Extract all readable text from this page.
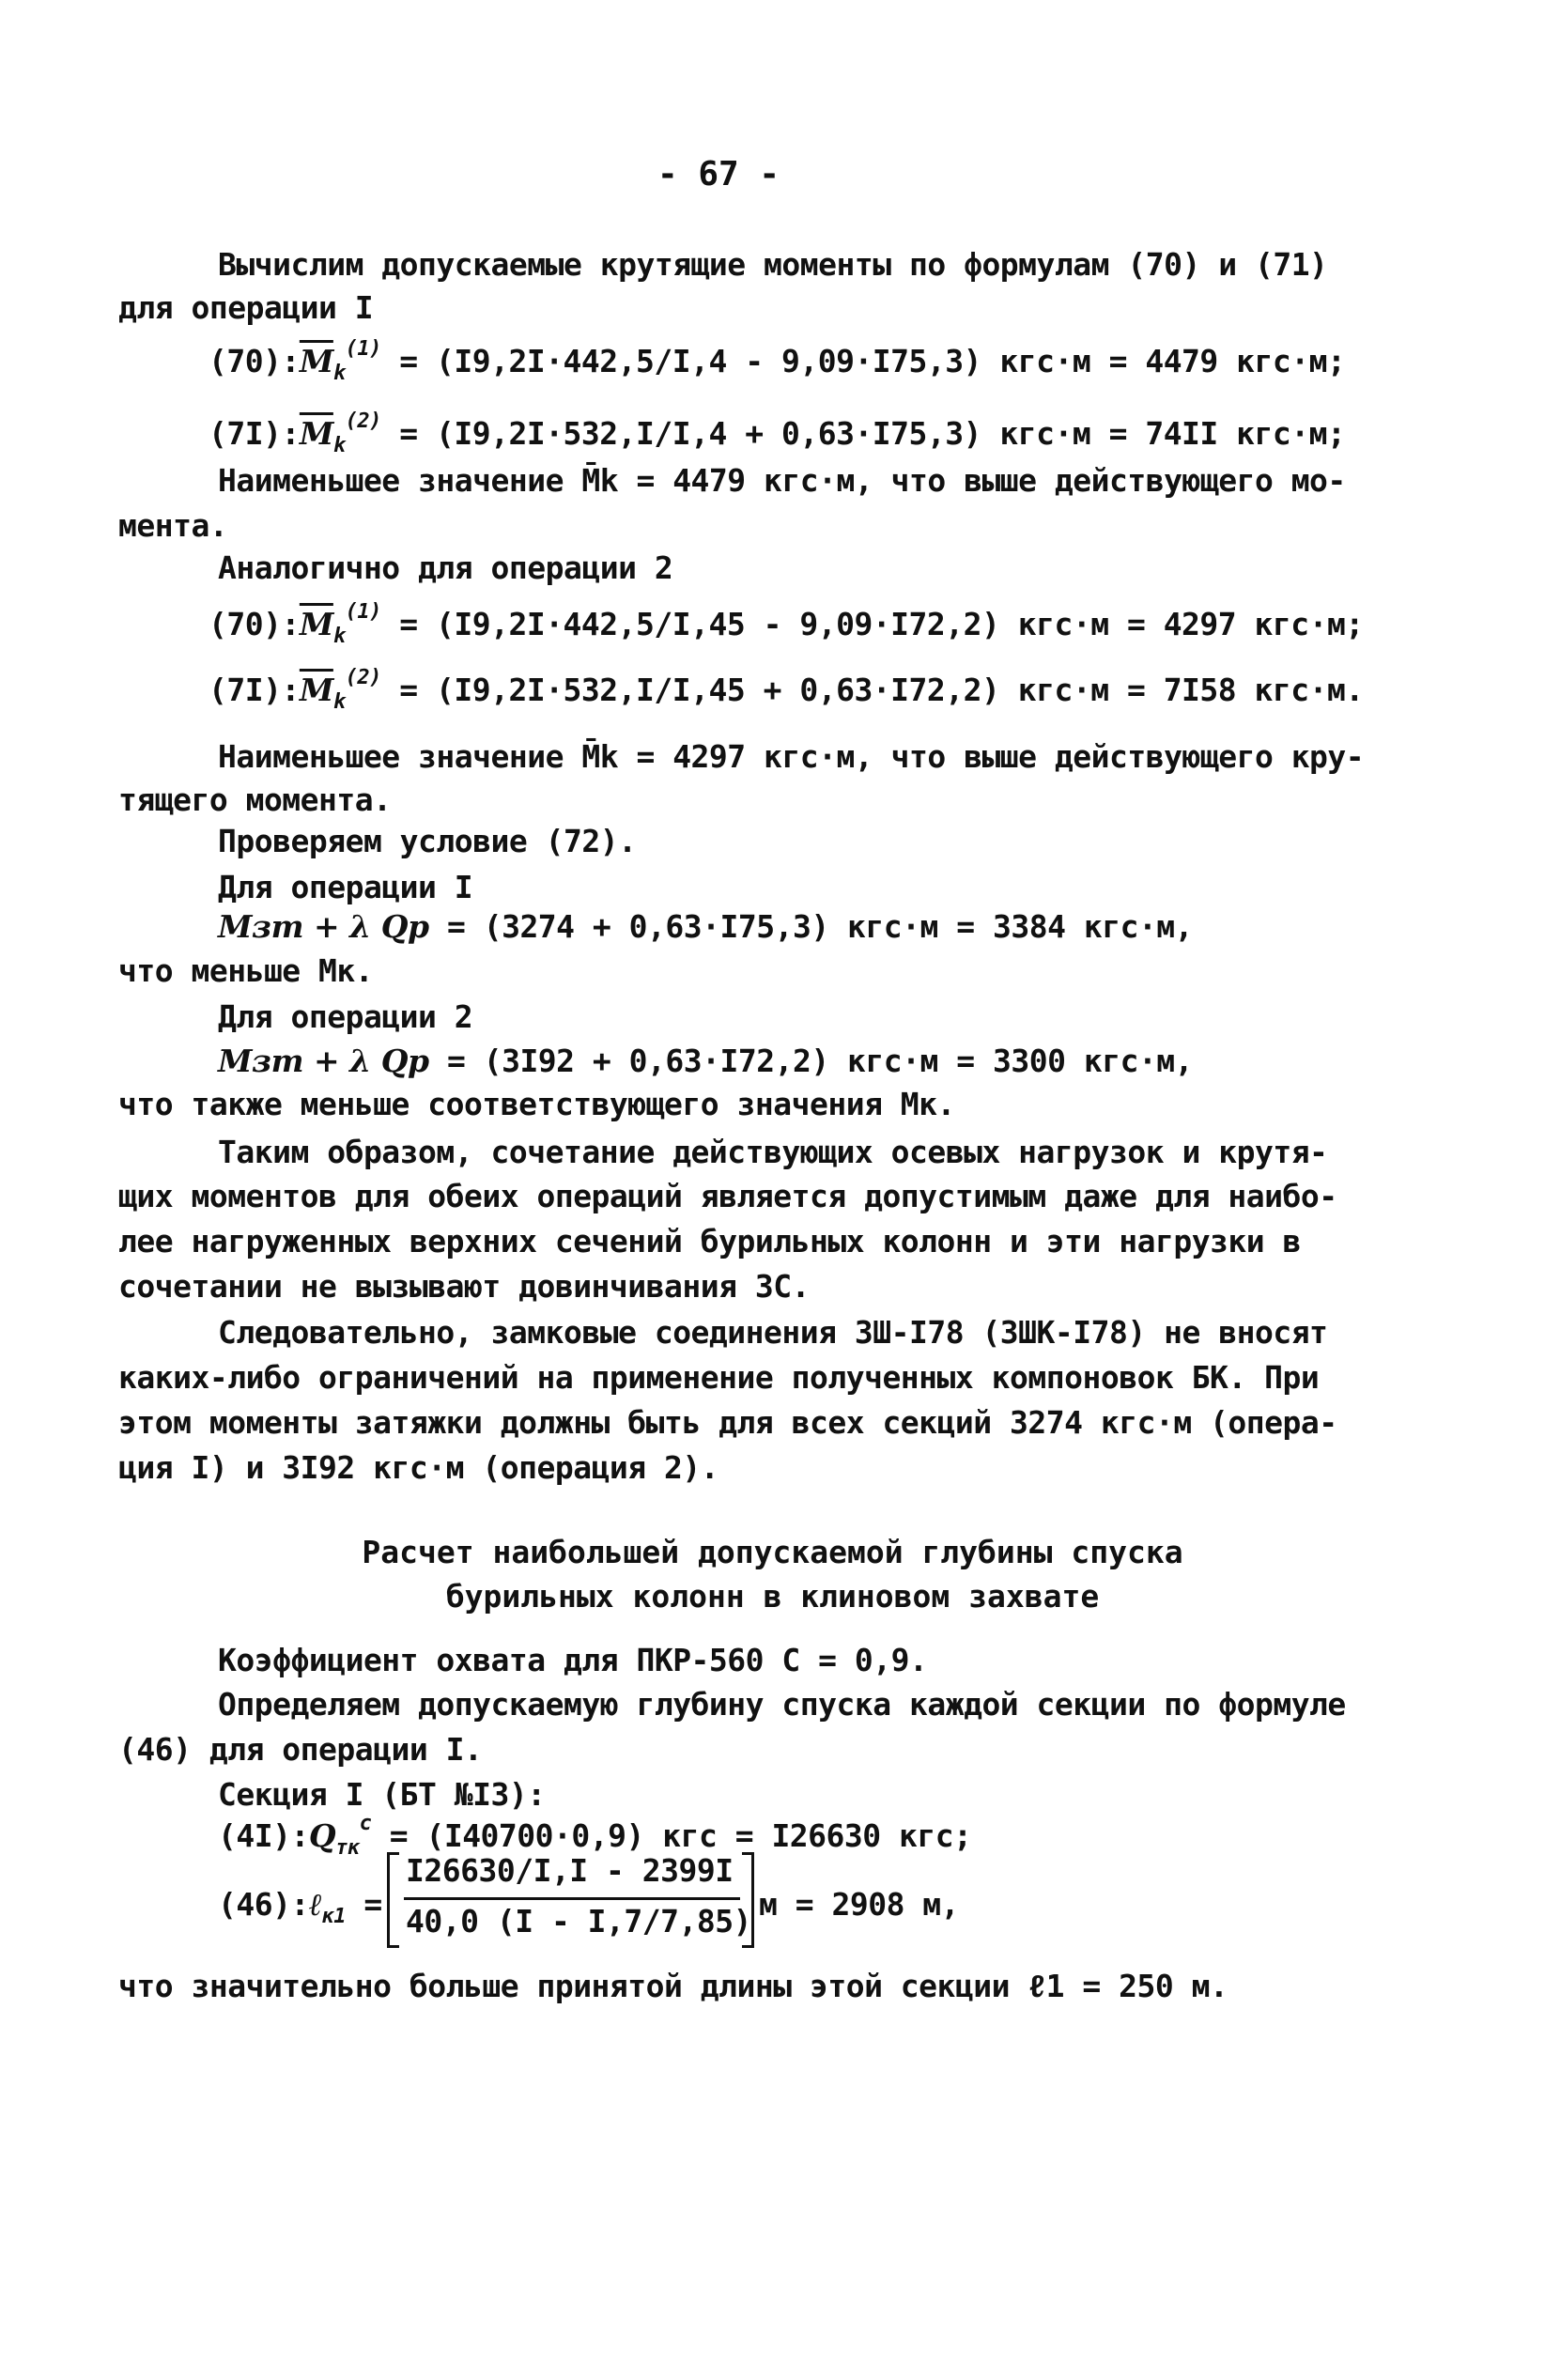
- 67 -
Вычислим допускаемые крутящие моменты по формулам (70) и (71)
для операции I
$(70):\overline{M}_k^{(1)} = (I9,2I\cdot 442,5/I,4 - 9,09\cdot I75,3) кгс\cdot м = 4479$ кгс·м;
$(7I):\overline{M}_k^{(2)} = (I9,2I\cdot 532,I/I,4 + 0,63\cdot I75,3) кгс\cdot м = 74II$ кгс·м;
Наименьшее значение M̄k = 4479 кгс·м, что выше действующего мо-
мента.
Аналогично для операции 2
$(70):\overline{M}_k^{(1)} = (I9,2I\cdot 442,5/I,45 - 9,09\cdot I72,2) кгс\cdot м = 4297$ кгс·м;
$(7I):\overline{M}_k^{(2)} = (I9,2I\cdot 532,I/I,45 + 0,63\cdot I72,2) кгс\cdot м = 7I58$ кгс·м.
Наименьшее значение M̄k = 4297 кгс·м, что выше действующего кру-
тящего момента.
Проверяем условие (72).
Для операции I
Mзт + λ Qр = (3274 + 0,63·I75,3) кгс·м = 3384 кгс·м,
что меньше Mк.
Для операции 2
Mзт + λ Qр = (3I92 + 0,63·I72,2) кгс·м = 3300 кгс·м,
что также меньше соответствующего значения Mк.
Таким образом, сочетание действующих осевых нагрузок и крутя-
щих моментов для обеих операций является допустимым даже для наибо-
лее нагруженных верхних сечений бурильных колонн и эти нагрузки в
сочетании не вызывают довинчивания ЗС.
Следовательно, замковые соединения ЗШ-I78 (ЗШК-I78) не вносят
каких-либо ограничений на применение полученных компоновок БК. При
этом моменты затяжки должны быть для всех секций 3274 кгс·м (опера-
ция I) и 3I92 кгс·м (операция 2).
Расчет наибольшей допускаемой глубины спуска
бурильных колонн в клиновом захвате
Коэффициент охвата для ПКР-560 C = 0,9.
Определяем допускаемую глубину спуска каждой секции по формуле
(46) для операции I.
Секция I (БТ №I3):
$(4I):Q_{тк}^c = (I40700\cdot 0,9)$ кгс = I26630 кгс;
(46):ℓ$_{к1}$ =
I26630/I,I - 2399I
40,0 (I - I,7/7,85) м = 2908 м,
что значительно больше принятой длины этой секции ℓ1 = 250 м.
